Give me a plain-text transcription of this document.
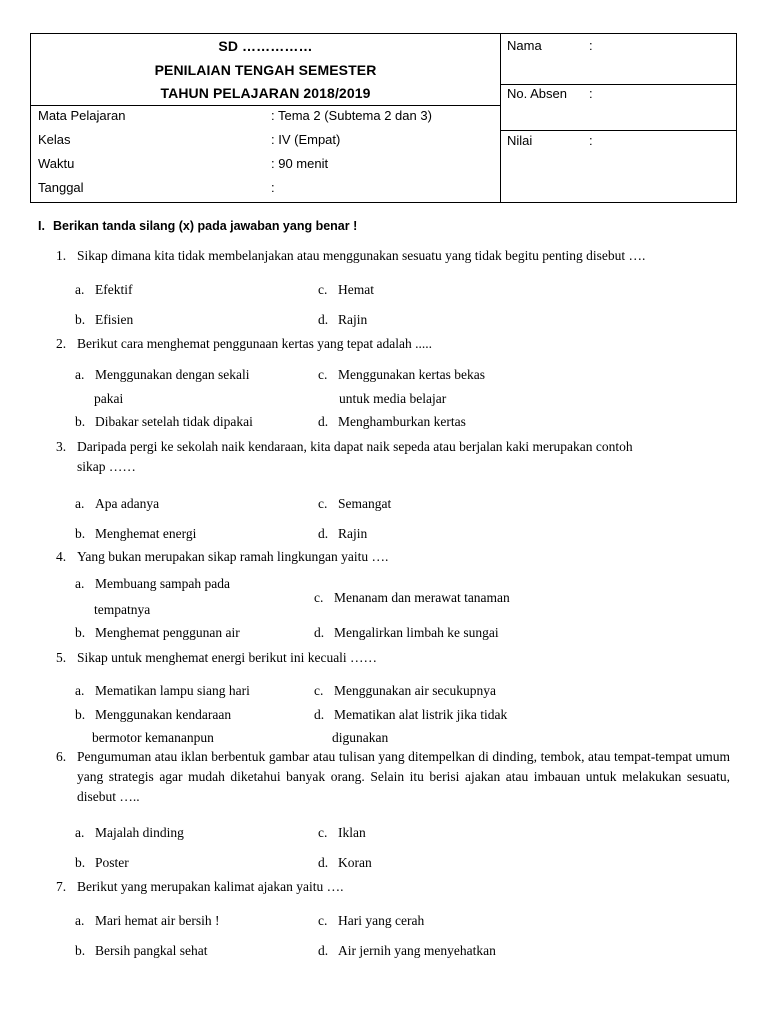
SD ……………
PENILAIAN TENGAH SEMESTER
TAHUN PELAJARAN 2018/2019
Mata Pelajaran	: Tema 2 (Subtema 2 dan 3)
Kelas	: IV (Empat)
Waktu	: 90 menit
Tanggal	:
Nama	:
No. Absen :
Nilai	:
I. Berikan tanda silang (x) pada jawaban yang benar !
1. Sikap dimana kita tidak membelanjakan atau menggunakan sesuatu yang tidak begitu penting disebut ….
a. Efektif	c. Hemat
b. Efisien	d. Rajin
2. Berikut cara menghemat penggunaan kertas yang tepat adalah .....
a. Menggunakan dengan sekali
pakai
c. Menggunakan kertas bekas
untuk media belajar
b. Dibakar setelah tidak dipakai	d. Menghamburkan kertas
3. Daripada pergi ke sekolah naik kendaraan, kita dapat naik sepeda atau berjalan kaki merupakan contoh
sikap ……
a. Apa adanya	c. Semangat
b. Menghemat energi	d. Rajin
4. Yang bukan merupakan sikap ramah lingkungan yaitu ….
a. Membuang sampah pada
tempatnya
c. Menanam dan merawat tanaman
b. Menghemat penggunan air	d. Mengalirkan limbah ke sungai
5. Sikap untuk menghemat energi berikut ini kecuali ……
a. Mematikan lampu siang hari	c. Menggunakan air secukupnya
b. Menggunakan kendaraan
bermotor kemananpun
d. Mematikan alat listrik jika tidak
digunakan
6. Pengumuman atau iklan berbentuk gambar atau tulisan yang ditempelkan di dinding, tembok, atau tempat-tempat umum yang strategis agar mudah diketahui banyak orang. Selain itu berisi ajakan atau imbauan untuk melakukan sesuatu, disebut …..
a. Majalah dinding	c. Iklan
b. Poster	d. Koran
7. Berikut yang merupakan kalimat ajakan yaitu ….
a. Mari hemat air bersih !	c. Hari yang cerah
b. Bersih pangkal sehat	d. Air jernih yang menyehatkan
